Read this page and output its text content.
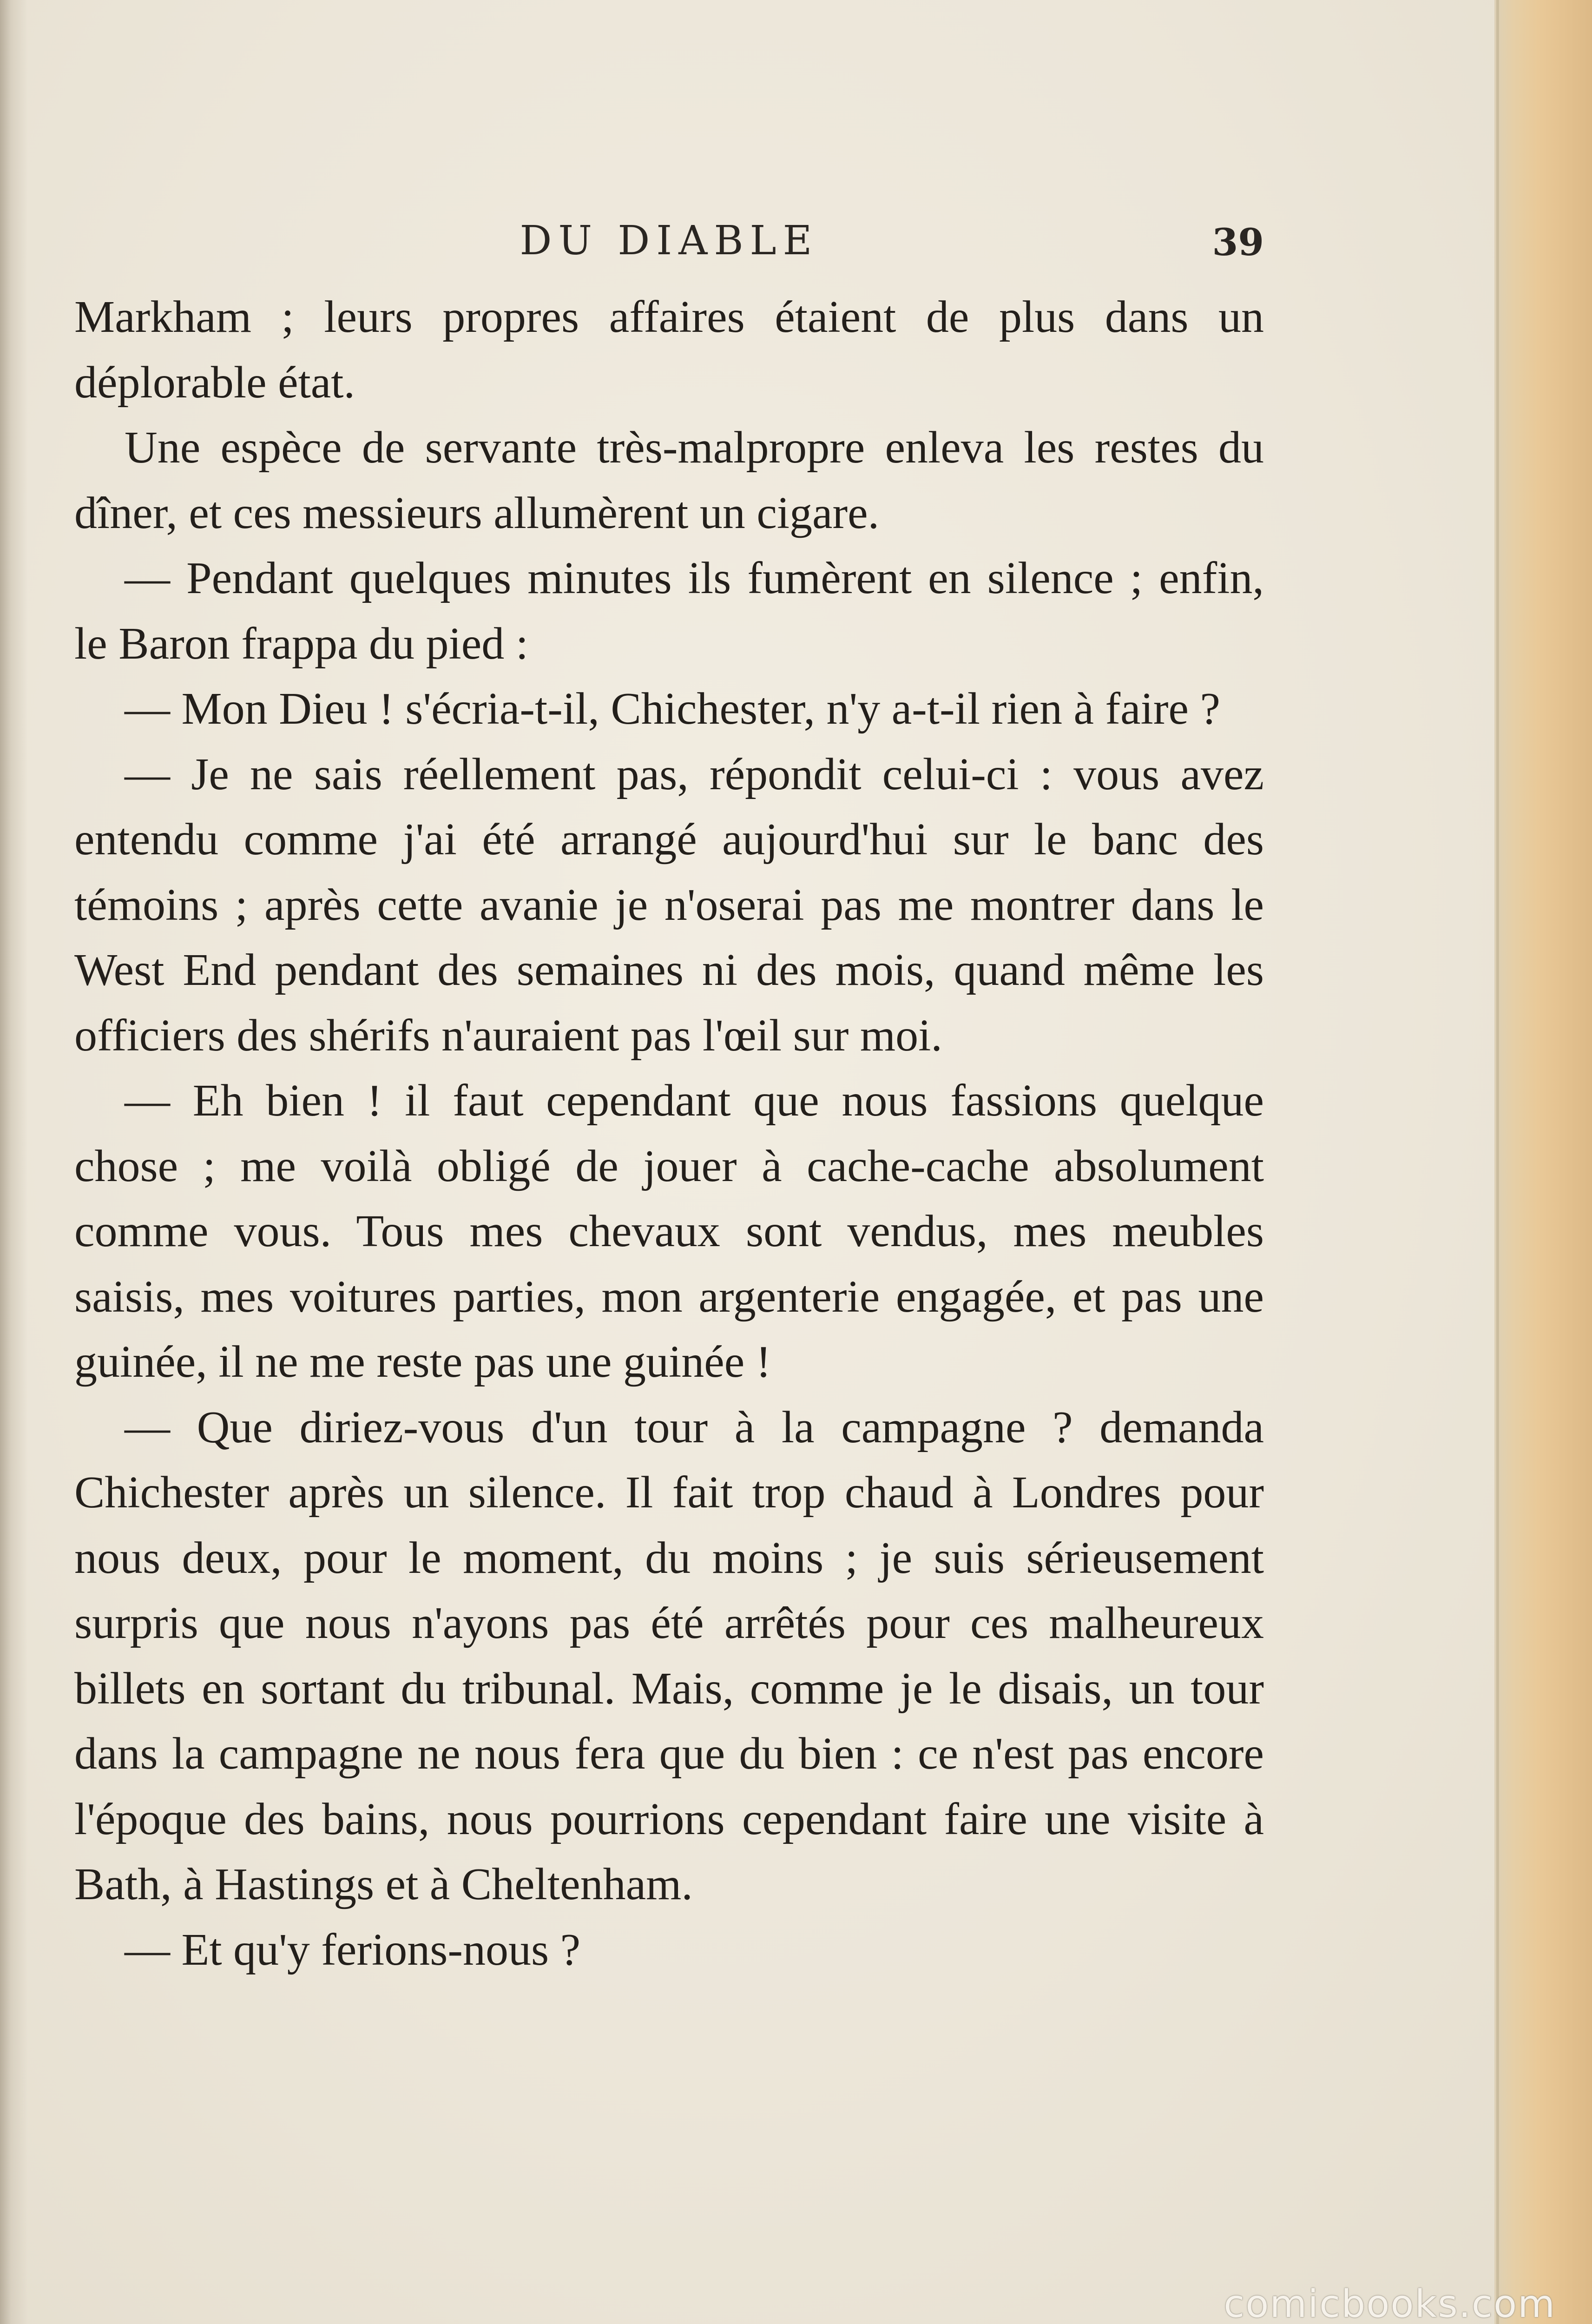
DU DIABLE	39

Markham ; leurs propres affaires étaient de plus dans un déplorable état.

Une espèce de servante très-malpropre enleva les restes du dîner, et ces messieurs allumèrent un cigare.

— Pendant quelques minutes ils fumèrent en silence ; enfin, le Baron frappa du pied :

— Mon Dieu ! s'écria-t-il, Chichester, n'y a-t-il rien à faire ?

— Je ne sais réellement pas, répondit celui-ci : vous avez entendu comme j'ai été arrangé aujourd'hui sur le banc des témoins ; après cette avanie je n'oserai pas me montrer dans le West End pendant des semaines ni des mois, quand même les officiers des shérifs n'auraient pas l'œil sur moi.

— Eh bien ! il faut cependant que nous fassions quelque chose ; me voilà obligé de jouer à cache-cache absolument comme vous. Tous mes chevaux sont vendus, mes meubles saisis, mes voitures parties, mon argenterie engagée, et pas une guinée, il ne me reste pas une guinée !

— Que diriez-vous d'un tour à la campagne ? demanda Chichester après un silence. Il fait trop chaud à Londres pour nous deux, pour le moment, du moins ; je suis sérieusement surpris que nous n'ayons pas été arrêtés pour ces malheureux billets en sortant du tribunal. Mais, comme je le disais, un tour dans la campagne ne nous fera que du bien : ce n'est pas encore l'époque des bains, nous pourrions cependant faire une visite à Bath, à Hastings et à Cheltenham.

— Et qu'y ferions-nous ?

comicbooks.com
